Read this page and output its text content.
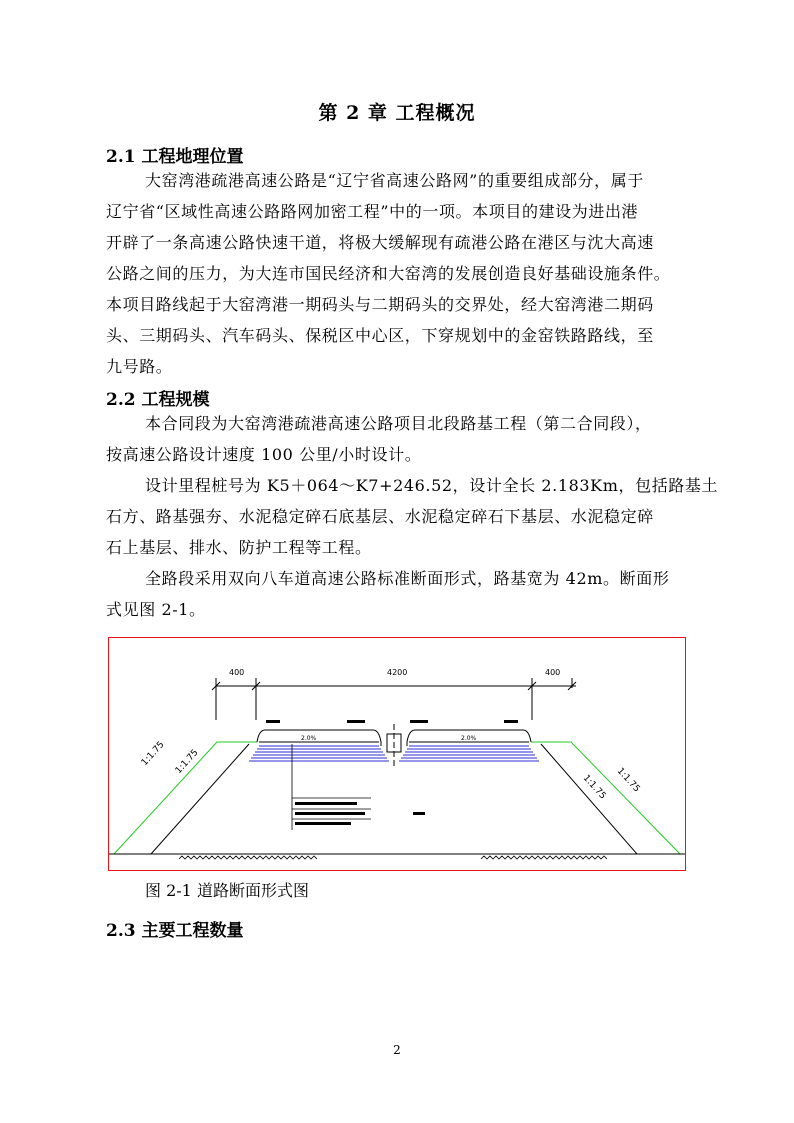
第 2 章 工程概况
2.1 工程地理位置
大窑湾港疏港高速公路是“辽宁省高速公路网”的重要组成部分，属于
辽宁省“区域性高速公路路网加密工程”中的一项。本项目的建设为进出港
开辟了一条高速公路快速干道，将极大缓解现有疏港公路在港区与沈大高速
公路之间的压力，为大连市国民经济和大窑湾的发展创造良好基础设施条件。
本项目路线起于大窑湾港一期码头与二期码头的交界处，经大窑湾港二期码
头、三期码头、汽车码头、保税区中心区，下穿规划中的金窑铁路路线，至
九号路。
2.2 工程规模
本合同段为大窑湾港疏港高速公路项目北段路基工程（第二合同段），
按高速公路设计速度 100 公里/小时设计。
设计里程桩号为 K5＋064～K7+246.52，设计全长 2.183Km，包括路基土
石方、路基强夯、水泥稳定碎石底基层、水泥稳定碎石下基层、水泥稳定碎
石上基层、排水、防护工程等工程。
全路段采用双向八车道高速公路标准断面形式，路基宽为 42m。断面形
式见图 2-1。
400	4200	400
2.0%	2.0%
1:1.75 1:1.75
1:1.75 1:1.75
图 2-1 道路断面形式图
2.3 主要工程数量
2
